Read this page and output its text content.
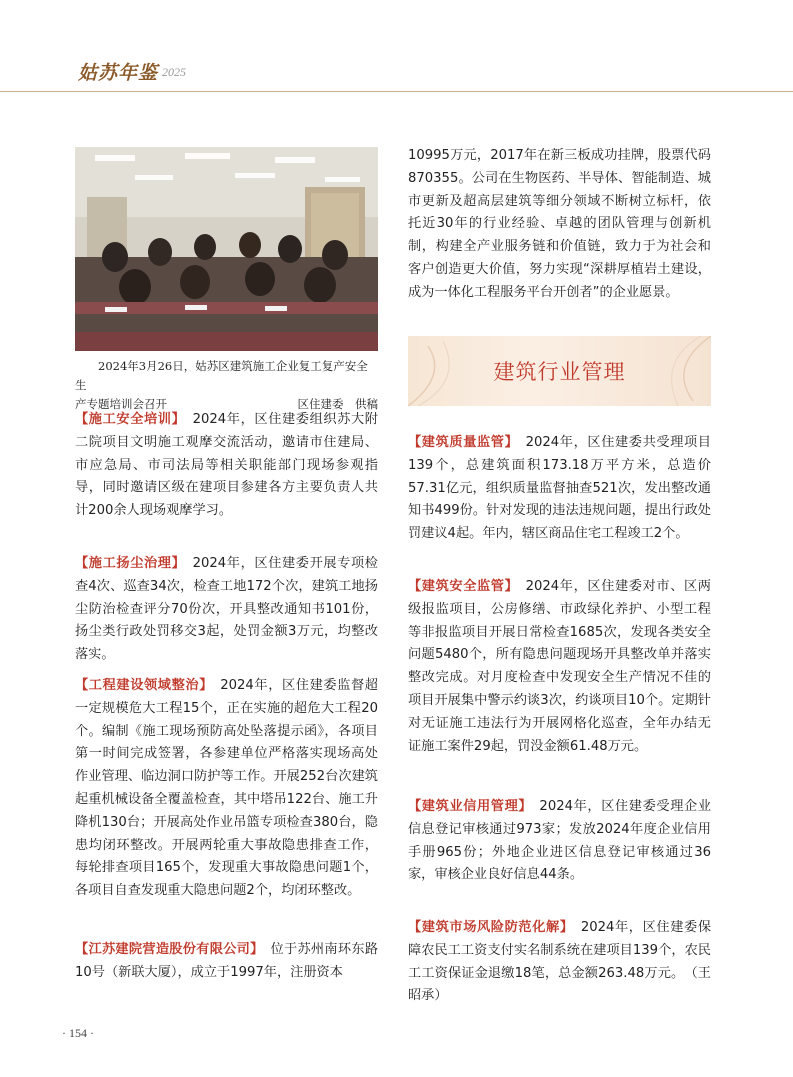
姑苏年鉴 2025
2024年3月26日，姑苏区建筑施工企业复工复产安全生
产专题培训会召开	区住建委　供稿
【施工安全培训】　2024年，区住建委组织苏大附二院项目文明施工观摩交流活动，邀请市住建局、市应急局、市司法局等相关职能部门现场参观指导，同时邀请区级在建项目参建各方主要负责人共计200余人现场观摩学习。
【施工扬尘治理】　2024年，区住建委开展专项检查4次、巡查34次，检查工地172个次，建筑工地扬尘防治检查评分70份次，开具整改通知书101份，扬尘类行政处罚移交3起，处罚金额3万元，均整改落实。
【工程建设领域整治】　2024年，区住建委监督超一定规模危大工程15个，正在实施的超危大工程20个。编制《施工现场预防高处坠落提示函》，各项目第一时间完成签署，各参建单位严格落实现场高处作业管理、临边洞口防护等工作。开展252台次建筑起重机械设备全覆盖检查，其中塔吊122台、施工升降机130台；开展高处作业吊篮专项检查380台，隐患均闭环整改。开展两轮重大事故隐患排查工作，每轮排查项目165个，发现重大事故隐患问题1个，各项目自查发现重大隐患问题2个，均闭环整改。
【江苏建院营造股份有限公司】　位于苏州南环东路10号（新联大厦），成立于1997年，注册资本
10995万元，2017年在新三板成功挂牌，股票代码870355。公司在生物医药、半导体、智能制造、城市更新及超高层建筑等细分领域不断树立标杆，依托近30年的行业经验、卓越的团队管理与创新机制，构建全产业服务链和价值链，致力于为社会和客户创造更大价值，努力实现“深耕厚植岩土建设，成为一体化工程服务平台开创者”的企业愿景。
建筑行业管理
【建筑质量监管】　2024年，区住建委共受理项目139个，总建筑面积173.18万平方米，总造价57.31亿元，组织质量监督抽查521次，发出整改通知书499份。针对发现的违法违规问题，提出行政处罚建议4起。年内，辖区商品住宅工程竣工2个。
【建筑安全监管】　2024年，区住建委对市、区两级报监项目，公房修缮、市政绿化养护、小型工程等非报监项目开展日常检查1685次，发现各类安全问题5480个，所有隐患问题现场开具整改单并落实整改完成。对月度检查中发现安全生产情况不佳的项目开展集中警示约谈3次，约谈项目10个。定期针对无证施工违法行为开展网格化巡查，全年办结无证施工案件29起，罚没金额61.48万元。
【建筑业信用管理】　2024年，区住建委受理企业信息登记审核通过973家；发放2024年度企业信用手册965份；外地企业进区信息登记审核通过36家，审核企业良好信息44条。
【建筑市场风险防范化解】　2024年，区住建委保障农民工工资支付实名制系统在建项目139个，农民工工资保证金退缴18笔，总金额263.48万元。　（王昭承）
· 154 ·
